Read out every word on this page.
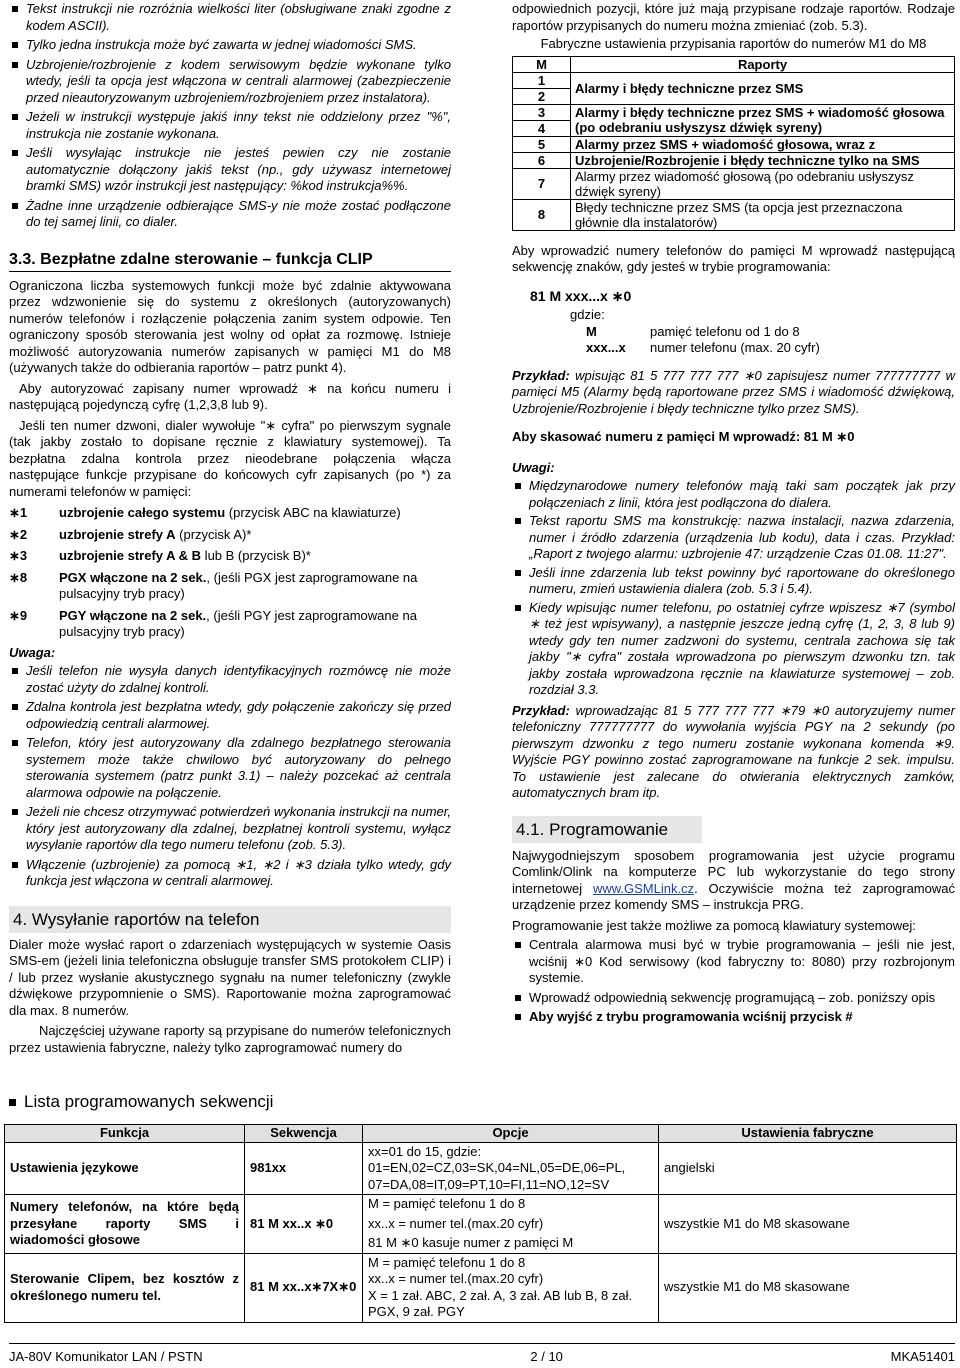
Tekst instrukcji nie rozróżnia wielkości liter (obsługiwane znaki zgodne z kodem ASCII).
Tylko jedna instrukcja może być zawarta w jednej wiadomości SMS.
Uzbrojenie/rozbrojenie z kodem serwisowym będzie wykonane tylko wtedy, jeśli ta opcja jest włączona w centrali alarmowej (zabezpieczenie przed nieautoryzowanym uzbrojeniem/rozbrojeniem przez instalatora).
Jeżeli w instrukcji występuje jakiś inny tekst nie oddzielony przez "%", instrukcja nie zostanie wykonana.
Jeśli wysyłając instrukcje nie jesteś pewien czy nie zostanie automatycznie dołączony jakiś tekst (np., gdy używasz internetowej bramki SMS) wzór instrukcji jest następujący: %kod instrukcja%%.
Żadne inne urządzenie odbierające SMS-y nie może zostać podłączone do tej samej linii, co dialer.
3.3. Bezpłatne zdalne sterowanie – funkcja CLIP

Ograniczona liczba systemowych funkcji może być zdalnie aktywowana przez wdzwonienie się do systemu z określonych (autoryzowanych) numerów telefonów i rozłączenie połączenia zanim system odpowie. Ten ograniczony sposób sterowania jest wolny od opłat za rozmowę. Istnieje możliwość autoryzowania numerów zapisanych w pamięci M1 do M8 (używanych także do odbierania raportów – patrz punkt 4).

Aby autoryzować zapisany numer wprowadź ∗ na końcu numeru i następującą pojedynczą cyfrę (1,2,3,8 lub 9).

Jeśli ten numer dzwoni, dialer wywołuje "∗ cyfra" po pierwszym sygnale (tak jakby zostało to dopisane ręcznie z klawiatury systemowej). Ta bezpłatna zdalna kontrola przez nieodebrane połączenia włącza następujące funkcje przypisane do końcowych cyfr zapisanych (po *) za numerami telefonów w pamięci:

∗1	uzbrojenie całego systemu (przycisk ABC na klawiaturze)
∗2	uzbrojenie strefy A (przycisk A)*
∗3	uzbrojenie strefy A & B lub B (przycisk B)*
∗8	PGX włączone na 2 sek., (jeśli PGX jest zaprogramowane na pulsacyjny tryb pracy)
∗9	PGY włączone na 2 sek., (jeśli PGY jest zaprogramowane na pulsacyjny tryb pracy)
Uwaga:
Jeśli telefon nie wysyła danych identyfikacyjnych rozmówcę nie może zostać użyty do zdalnej kontroli.
Zdalna kontrola jest bezpłatna wtedy, gdy połączenie zakończy się przed odpowiedzią centrali alarmowej.
Telefon, który jest autoryzowany dla zdalnego bezpłatnego sterowania systemem może także chwilowo być autoryzowany do pełnego sterowania systemem (patrz punkt 3.1) – należy pozcekać aż centrala alarmowa odpowie na połączenie.
Jeżeli nie chcesz otrzymywać potwierdzeń wykonania instrukcji na numer, który jest autoryzowany dla zdalnej, bezpłatnej kontroli systemu, wyłącz wysyłanie raportów dla tego numeru telefonu (zob. 5.3).
Włączenie (uzbrojenie) za pomocą ∗1, ∗2 i ∗3 działa tylko wtedy, gdy funkcja jest włączona w centrali alarmowej.
4. Wysyłanie raportów na telefon

Dialer może wysłać raport o zdarzeniach występujących w systemie Oasis SMS-em (jeżeli linia telefoniczna obsługuje transfer SMS protokołem CLIP) i / lub przez wysłanie akustycznego sygnału na numer telefoniczny (zwykle dźwiękowe przypomnienie o SMS). Raportowanie można zaprogramować dla max. 8 numerów.

Najczęściej używane raporty są przypisane do numerów telefonicznych przez ustawienia fabryczne, należy tylko zaprogramować numery do

odpowiednich pozycji, które już mają przypisane rodzaje raportów. Rodzaje raportów przypisanych do numeru można zmieniać (zob. 5.3).

Fabryczne ustawienia przypisania raportów do numerów M1 do M8
M	Raporty
1	Alarmy i błędy techniczne przez SMS
2	
3	Alarmy i błędy techniczne przez SMS + wiadomość głosowa (po odebraniu usłyszysz dźwięk syreny)
4	
5	Alarmy przez SMS + wiadomość głosowa, wraz z
6	Uzbrojenie/Rozbrojenie i błędy techniczne tylko na SMS
7	Alarmy przez wiadomość głosową (po odebraniu usłyszysz dźwięk syreny)
8	Błędy techniczne przez SMS (ta opcja jest przeznaczona głównie dla instalatorów)

Aby wprowadzić numery telefonów do pamięci M wprowadź następującą sekwencję znaków, gdy jesteś w trybie programowania:

81 M xxx...x ∗0
gdzie:
M	pamięć telefonu od 1 do 8
xxx...x	numer telefonu (max. 20 cyfr)

Przykład: wpisując 81 5 777 777 777 ∗0 zapisujesz numer 777777777 w pamięci M5 (Alarmy będą raportowane przez SMS i wiadomość dźwiękową, Uzbrojenie/Rozbrojenie i błędy techniczne tylko przez SMS).

Aby skasować numeru z pamięci M wprowadź: 81 M ∗0

Uwagi:
Międzynarodowe numery telefonów mają taki sam początek jak przy połączeniach z linii, która jest podłączona do dialera.
Tekst raportu SMS ma konstrukcję: nazwa instalacji, nazwa zdarzenia, numer i źródło zdarzenia (urządzenia lub kodu), data i czas. Przykład: „Raport z twojego alarmu: uzbrojenie 47: urządzenie Czas 01.08. 11:27".
Jeśli inne zdarzenia lub tekst powinny być raportowane do określonego numeru, zmień ustawienia dialera (zob. 5.3 i 5.4).
Kiedy wpisując numer telefonu, po ostatniej cyfrze wpiszesz ∗7 (symbol ∗ też jest wpisywany), a następnie jeszcze jedną cyfrę (1, 2, 3, 8 lub 9) wtedy gdy ten numer zadzwoni do systemu, centrala zachowa się tak jakby "∗ cyfra" została wprowadzona po pierwszym dzwonku tzn. tak jakby została wprowadzona ręcznie na klawiaturze systemowej – zob. rozdział 3.3.

Przykład: wprowadzając 81 5 777 777 777 ∗79 ∗0 autoryzujemy numer telefoniczny 777777777 do wywołania wyjścia PGY na 2 sekundy (po pierwszym dzwonku z tego numeru zostanie wykonana komenda ∗9. Wyjście PGY powinno zostać zaprogramowane na funkcje 2 sek. impulsu. To ustawienie jest zalecane do otwierania elektrycznych zamków, automatycznych bram itp.

4.1. Programowanie

Najwygodniejszym sposobem programowania jest użycie programu Comlink/Olink na komputerze PC lub wykorzystanie do tego strony internetowej www.GSMLink.cz. Oczywiście można też zaprogramować urządzenie przez komendy SMS – instrukcja PRG.

Programowanie jest także możliwe za pomocą klawiatury systemowej:

Centrala alarmowa musi być w trybie programowania – jeśli nie jest, wciśnij ∗0 Kod serwisowy (kod fabryczny to: 8080) przy rozbrojonym systemie.
Wprowadź odpowiednią sekwencję programującą – zob. poniższy opis
Aby wyjść z trybu programowania wciśnij przycisk #
Lista programowanych sekwencji
Funkcja	Sekwencja	Opcje	Ustawienia fabryczne
Ustawienia językowe	981xx	xx=01 do 15, gdzie:
01=EN,02=CZ,03=SK,04=NL,05=DE,06=PL,
07=DA,08=IT,09=PT,10=FI,11=NO,12=SV	angielski
Numery telefonów, na które będą przesyłane raporty SMS i wiadomości głosowe	81 M xx..x ∗0	M = pamięć telefonu 1 do 8
xx..x = numer tel.(max.20 cyfr)
81 M ∗0 kasuje numer z pamięci M	wszystkie M1 do M8 skasowane
Sterowanie Clipem, bez kosztów z określonego numeru tel.	81 M xx..x∗7X∗0	M = pamięć telefonu 1 do 8
xx..x = numer tel.(max.20 cyfr)
X = 1 zał. ABC, 2 zał. A, 3 zał. AB lub B, 8 zał. PGX, 9 zał. PGY	wszystkie M1 do M8 skasowane
JA-80V Komunikator LAN / PSTN	2 / 10	MKA51401
